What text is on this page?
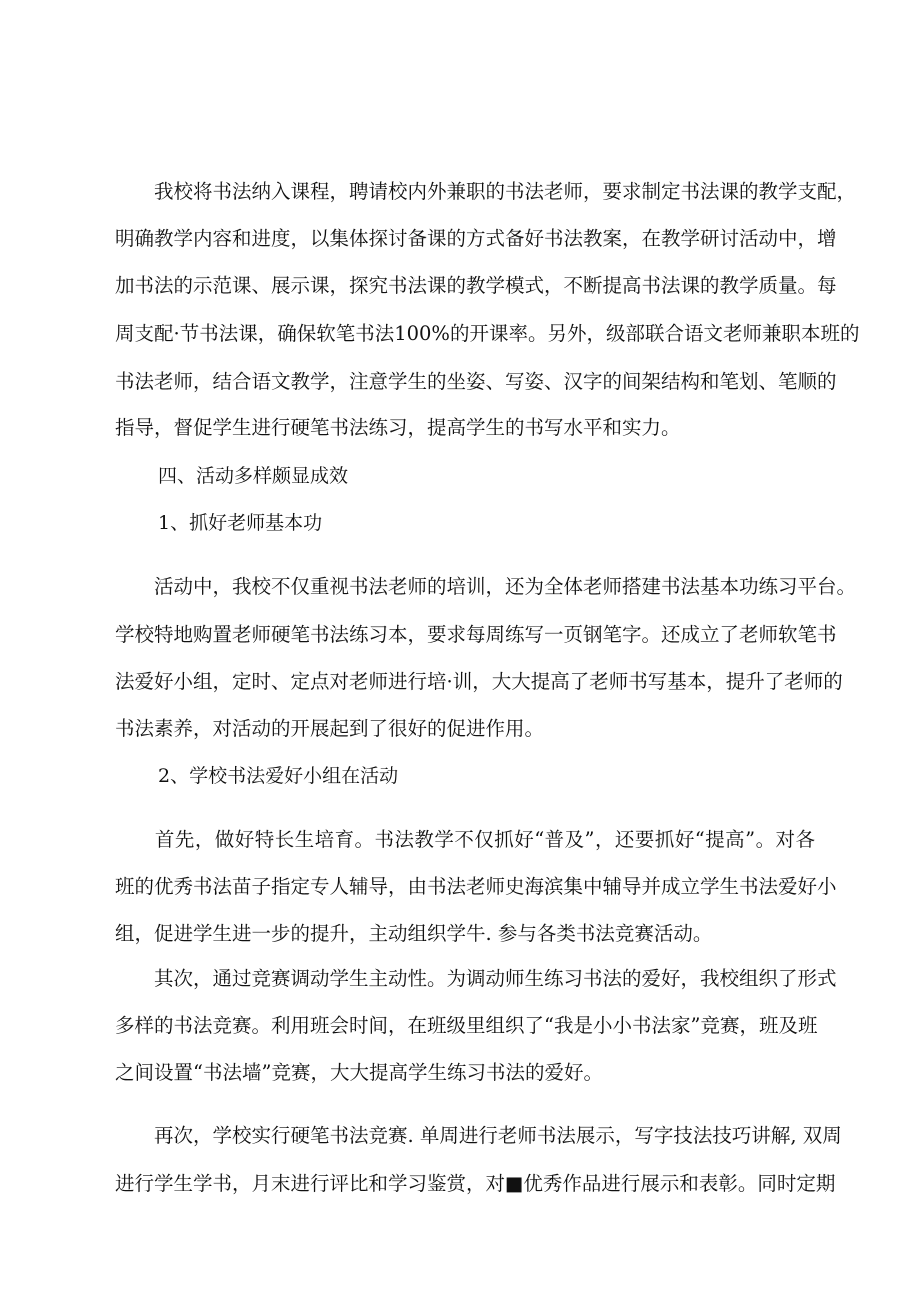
　　我校将书法纳入课程，聘请校内外兼职的书法老师，要求制定书法课的教学支配，
明确教学内容和进度，以集体探讨备课的方式备好书法教案，在教学研讨活动中，增
加书法的示范课、展示课，探究书法课的教学模式，不断提高书法课的教学质量。每
周支配·节书法课，确保软笔书法100%的开课率。另外，级部联合语文老师兼职本班的
书法老师，结合语文教学，注意学生的坐姿、写姿、汉字的间架结构和笔划、笔顺的
指导，督促学生进行硬笔书法练习，提高学生的书写水平和实力。
四、活动多样颇显成效
1、抓好老师基本功
　　活动中，我校不仅重视书法老师的培训，还为全体老师搭建书法基本功练习平台。
学校特地购置老师硬笔书法练习本，要求每周练写一页钢笔字。还成立了老师软笔书
法爱好小组，定时、定点对老师进行培·训，大大提高了老师书写基本，提升了老师的
书法素养，对活动的开展起到了很好的促进作用。
2、学校书法爱好小组在活动
　　首先，做好特长生培育。书法教学不仅抓好“普及”，还要抓好“提高”。对各
班的优秀书法苗子指定专人辅导，由书法老师史海滨集中辅导并成立学生书法爱好小
组，促进学生进一步的提升，主动组织学牛. 参与各类书法竞赛活动。
　　其次，通过竞赛调动学生主动性。为调动师生练习书法的爱好，我校组织了形式
多样的书法竞赛。利用班会时间，在班级里组织了“我是小小书法家”竞赛，班及班
之间设置“书法墙”竞赛，大大提高学生练习书法的爱好。
　　再次，学校实行硬笔书法竞赛. 单周进行老师书法展示，写字技法技巧讲解, 双周
进行学生学书，月末进行评比和学习鉴赏，对■优秀作品进行展示和表彰。同时定期
